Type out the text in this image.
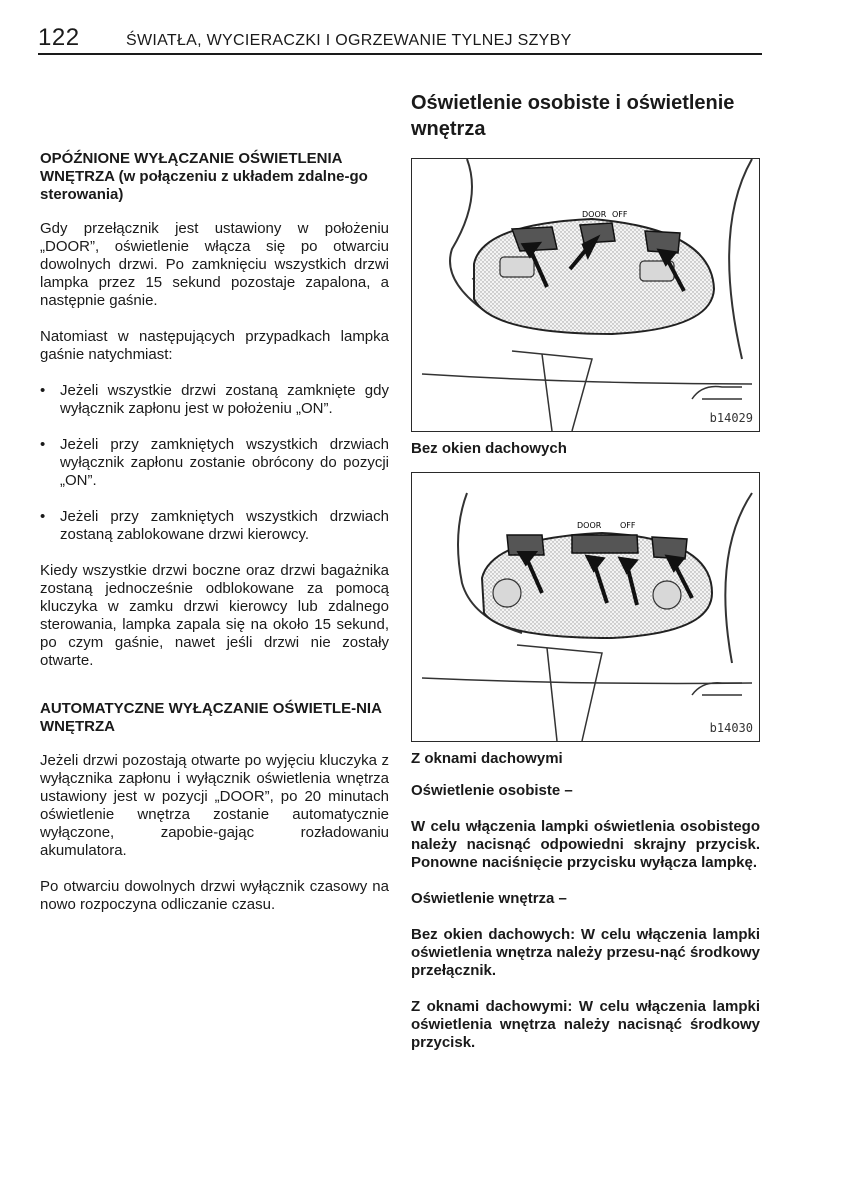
122	ŚWIATŁA, WYCIERACZKI I OGRZEWANIE TYLNEJ SZYBY
OPÓŹNIONE WYŁĄCZANIE OŚWIETLENIA WNĘTRZA (w połączeniu z układem zdalne-go sterowania)

Gdy przełącznik jest ustawiony w położeniu „DOOR”, oświetlenie włącza się po otwarciu dowolnych drzwi. Po zamknięciu wszystkich drzwi lampka przez 15 sekund pozostaje zapalona, a następnie gaśnie.

Natomiast w następujących przypadkach lampka gaśnie natychmiast:

• Jeżeli wszystkie drzwi zostaną zamknięte gdy wyłącznik zapłonu jest w położeniu „ON”.
• Jeżeli przy zamkniętych wszystkich drzwiach wyłącznik zapłonu zostanie obrócony do pozycji „ON”.
• Jeżeli przy zamkniętych wszystkich drzwiach zostaną zablokowane drzwi kierowcy.

Kiedy wszystkie drzwi boczne oraz drzwi bagażnika zostaną jednocześnie odblokowane za pomocą kluczyka w zamku drzwi kierowcy lub zdalnego sterowania, lampka zapala się na około 15 sekund, po czym gaśnie, nawet jeśli drzwi nie zostały otwarte.

AUTOMATYCZNE WYŁĄCZANIE OŚWIETLE-NIA WNĘTRZA

Jeżeli drzwi pozostają otwarte po wyjęciu kluczyka z wyłącznika zapłonu i wyłącznik oświetlenia wnętrza ustawiony jest w pozycji „DOOR”, po 20 minutach oświetlenie wnętrza zostanie automatycznie wyłączone, zapobie-gając rozładowaniu akumulatora.

Po otwarciu dowolnych drzwi wyłącznik czasowy na nowo rozpoczyna odliczanie czasu.

Oświetlenie osobiste i oświetlenie wnętrza
DOOR OFF
b14029
Bez okien dachowych
DOOR OFF
b14030
Z oknami dachowymi
Oświetlenie osobiste –
W celu włączenia lampki oświetlenia osobistego należy nacisnąć odpowiedni skrajny przycisk. Ponowne naciśnięcie przycisku wyłącza lampkę.
Oświetlenie wnętrza –
Bez okien dachowych: W celu włączenia lampki oświetlenia wnętrza należy przesu-nąć środkowy przełącznik.
Z oknami dachowymi: W celu włączenia lampki oświetlenia wnętrza należy nacisnąć środkowy przycisk.
